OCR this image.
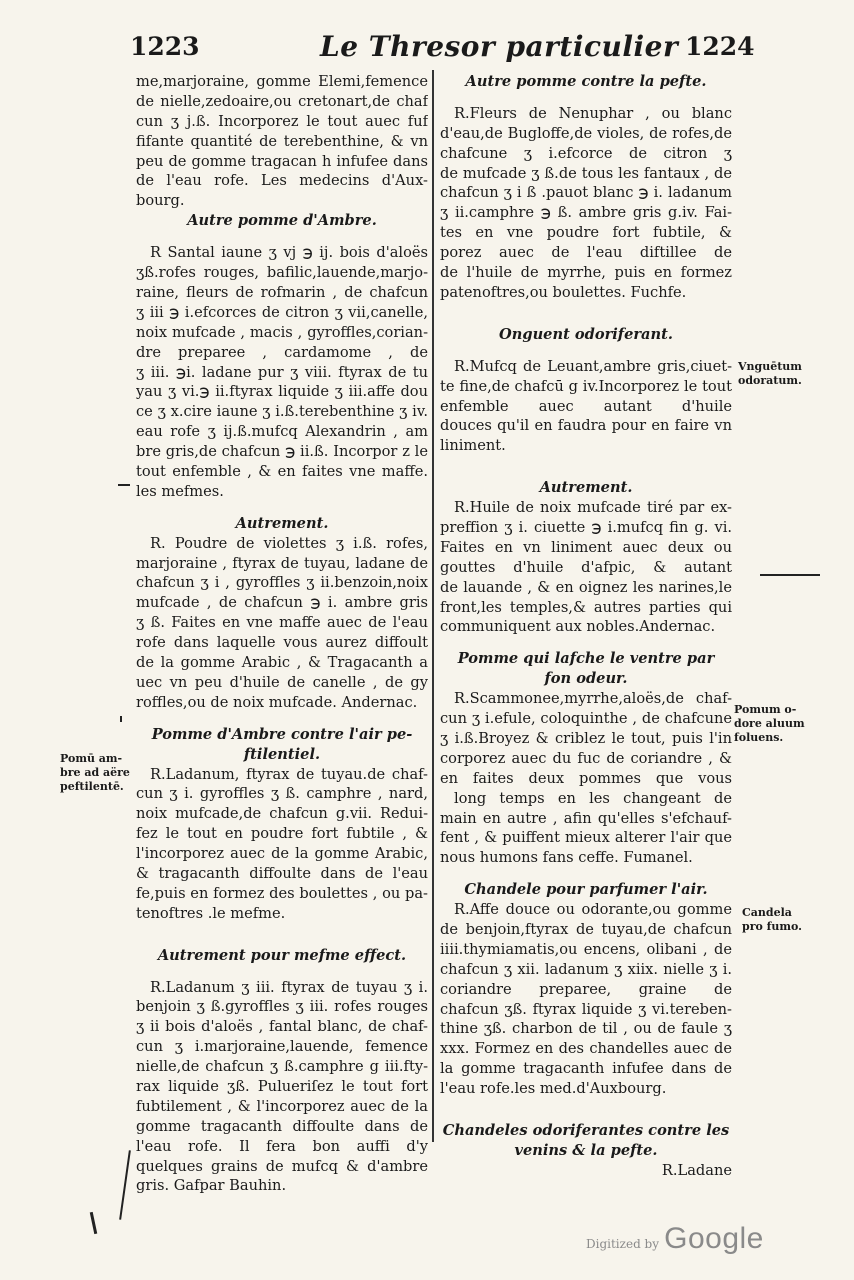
1223	Le Thresor particulier 1224
me,marjoraine, gomme Elemi,femence
de nielle,zedoaire,ou cretonart,de chaf
cun ʒ j.ß. Incorporez le tout auec fuf
fifante quantité de terebenthine, & vn
peu de gomme tragacan h infufee dans
de l'eau rofe. Les medecins d'Aux-
bourg.
Autre pomme d'Ambre.
R Santal iaune ʒ vj ℈ ij. bois d'aloës
ʒß.rofes rouges, bafilic,lauende,marjo-
raine, fleurs de rofmarin , de chafcun
ʒ iii ℈ i.efcorces de citron ʒ vii,canelle,
noix mufcade , macis , gyroffles,corian-
dre preparee , cardamome , de
ʒ iii. ℈i. ladane pur ʒ viii. ftyrax de tu
yau ʒ vi.℈ ii.ftyrax liquide ʒ iii.affe dou
ce ʒ x.cire iaune ʒ i.ß.terebenthine ʒ iv.
eau rofe ʒ ij.ß.mufcq Alexandrin , am
bre gris,de chafcun ℈ ii.ß. Incorpor z le
tout enfemble , & en faites vne maffe.
les mefmes.
Autrement.
R. Poudre de violettes ʒ i.ß. rofes,
marjoraine , ftyrax de tuyau, ladane de
chafcun ʒ i , gyroffles ʒ ii.benzoin,noix
mufcade , de chafcun ℈ i. ambre gris
ʒ ß. Faites en vne maffe auec de l'eau
rofe dans laquelle vous aurez diffoult
de la gomme Arabic , & Tragacanth a
uec vn peu d'huile de canelle , de gy
roffles,ou de noix mufcade. Andernac.
Pomme d'Ambre contre l'air pe-
ftilentiel.
R.Ladanum, ftyrax de tuyau.de chaf-
cun ʒ i. gyroffles ʒ ß. camphre , nard,
noix mufcade,de chafcun g.vii. Redui-
fez le tout en poudre fort fubtile , &
l'incorporez auec de la gomme Arabic,
& tragacanth diffoulte dans de l'eau
fe,puis en formez des boulettes , ou pa-
tenoftres .le mefme.
Autrement pour mefme effect.
R.Ladanum ʒ iii. ftyrax de tuyau ʒ i.
benjoin ʒ ß.gyroffles ʒ iii. rofes rouges
ʒ ii bois d'aloës , fantal blanc, de chaf-
cun ʒ i.marjoraine,lauende, femence
nielle,de chafcun ʒ ß.camphre g iii.fty-
rax liquide ʒß. Pulueriſez le tout fort
fubtilement , & l'incorporez auec de la
gomme tragacanth diffoulte dans de
l'eau rofe. Il fera bon auffi d'y
quelques grains de mufcq & d'ambre
gris. Gafpar Bauhin.
Autre pomme contre la pefte.
R.Fleurs de Nenuphar , ou blanc
d'eau,de Bugloffe,de violes, de rofes,de
chafcune ʒ i.efcorce de citron ʒ
de mufcade ʒ ß.de tous les fantaux , de
chafcun ʒ i ß .pauot blanc ℈ i. ladanum
ʒ ii.camphre ℈ ß. ambre gris g.iv. Fai-
tes en vne poudre fort fubtile, &
porez auec de l'eau diftillee de
de l'huile de myrrhe, puis en formez
patenoftres,ou boulettes. Fuchfe.
Onguent odoriferant.
R.Mufcq de Leuant,ambre gris,ciuet-
te fine,de chafcū g iv.Incorporez le tout
enfemble auec autant d'huile
douces qu'il en faudra pour en faire vn
liniment.
Autrement.
R.Huile de noix mufcade tiré par ex-
preffion ʒ i. ciuette ℈ i.mufcq fin g. vi.
Faites en vn liniment auec deux ou
gouttes d'huile d'afpic, & autant
de lauande , & en oignez les narines,le
front,les temples,& autres parties qui
communiquent aux nobles.Andernac.
Pomme qui lafche le ventre par
fon odeur.
R.Scammonee,myrrhe,aloës,de chaf-
cun ʒ i.efule, coloquinthe , de chafcune
ʒ i.ß.Broyez & criblez le tout, puis l'in
corporez auec du fuc de coriandre , &
en faites deux pommes que vous
long temps en les changeant de
main en autre , afin qu'elles s'efchauf-
fent , & puiffent mieux alterer l'air que
nous humons fans ceffe. Fumanel.
Chandele pour parfumer l'air.
R.Affe douce ou odorante,ou gomme
de benjoin,ftyrax de tuyau,de chafcun
iiii.thymiamatis,ou encens, olibani , de
chafcun ʒ xii. ladanum ʒ xiix. nielle ʒ i.
coriandre preparee, graine de
chafcun ʒß. ftyrax liquide ʒ vi.tereben-
thine ʒß. charbon de til , ou de faule ʒ
xxx. Formez en des chandelles auec de
la gomme tragacanth infufee dans de
l'eau rofe.les med.d'Auxbourg.
Chandeles odoriferantes contre les
venins & la pefte.
R.Ladane
Pomū am-
bre ad aëre
peftilentē.
Vnguētum
odoratum.
Pomum o-
dore aluum
foluens.
Candela
pro fumo.
Digitized by Google
